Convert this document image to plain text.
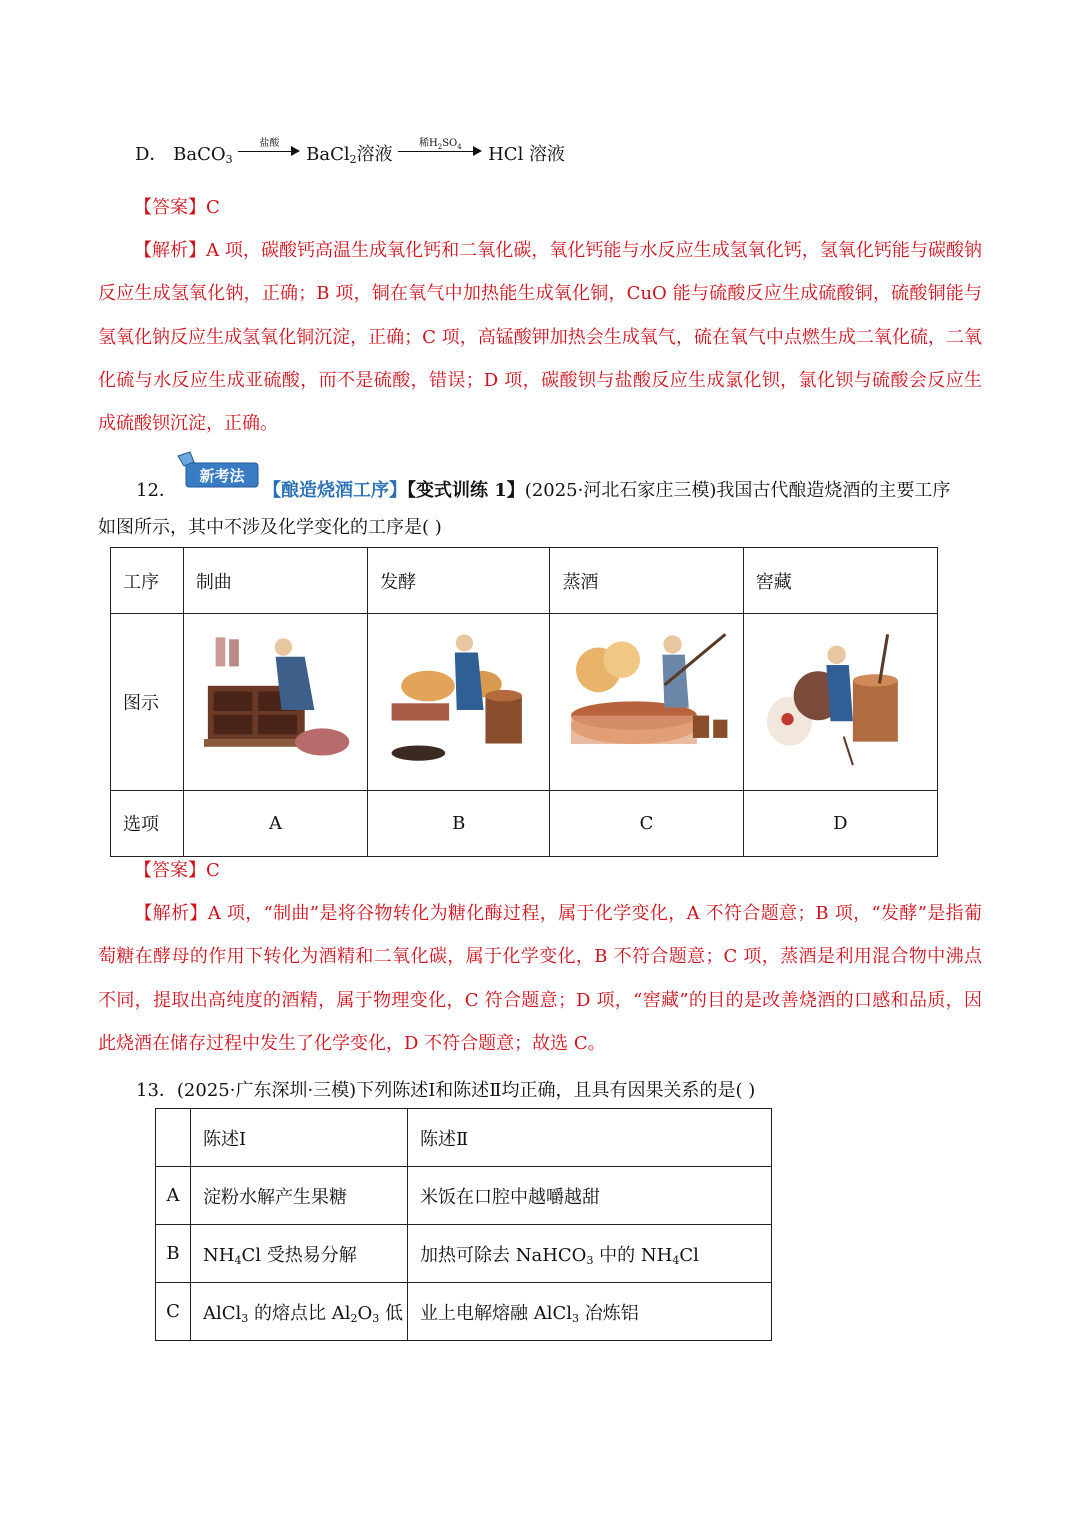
D． BaCO$_3$
盐酸
BaCl$_2$溶液
稀$H_2SO_4$	HCl 溶液
【答案】C
【解析】A 项，碳酸钙高温生成氧化钙和二氧化碳，氧化钙能与水反应生成氢氧化钙，氢氧化钙能与碳酸钠反应生成氢氧化钠，正确；B 项，铜在氧气中加热能生成氧化铜，CuO 能与硫酸反应生成硫酸铜，硫酸铜能与氢氧化钠反应生成氢氧化铜沉淀，正确；C 项，高锰酸钾加热会生成氧气，硫在氧气中点燃生成二氧化硫，二氧化硫与水反应生成亚硫酸，而不是硫酸，错误；D 项，碳酸钡与盐酸反应生成氯化钡，氯化钡与硫酸会反应生成硫酸钡沉淀，正确。
12．
新考法
【酿造烧酒工序】【变式训练 1】(2025·河北石家庄三模)我国古代酿造烧酒的主要工序
如图所示，其中不涉及化学变化的工序是( )
工序	制曲	发酵	蒸酒	窖藏
图示				
选项	A	B	C	D
【答案】C
【解析】A 项，“制曲”是将谷物转化为糖化酶过程，属于化学变化，A 不符合题意；B 项，“发酵”是指葡萄糖在酵母的作用下转化为酒精和二氧化碳，属于化学变化，B 不符合题意；C 项，蒸酒是利用混合物中沸点不同，提取出高纯度的酒精，属于物理变化，C 符合题意；D 项，“窖藏”的目的是改善烧酒的口感和品质，因此烧酒在储存过程中发生了化学变化，D 不符合题意；故选 C。
13．(2025·广东深圳·三模)下列陈述Ⅰ和陈述Ⅱ均正确，且具有因果关系的是( )
	陈述Ⅰ	陈述Ⅱ
A	淀粉水解产生果糖	米饭在口腔中越嚼越甜
B	$NH_4Cl$ 受热易分解	加热可除去 NaHCO$_3$ 中的 $NH_4Cl$
C	AlCl$_3$ 的熔点比 $Al_2O_3$ 低	业上电解熔融 AlCl$_3$ 冶炼铝
